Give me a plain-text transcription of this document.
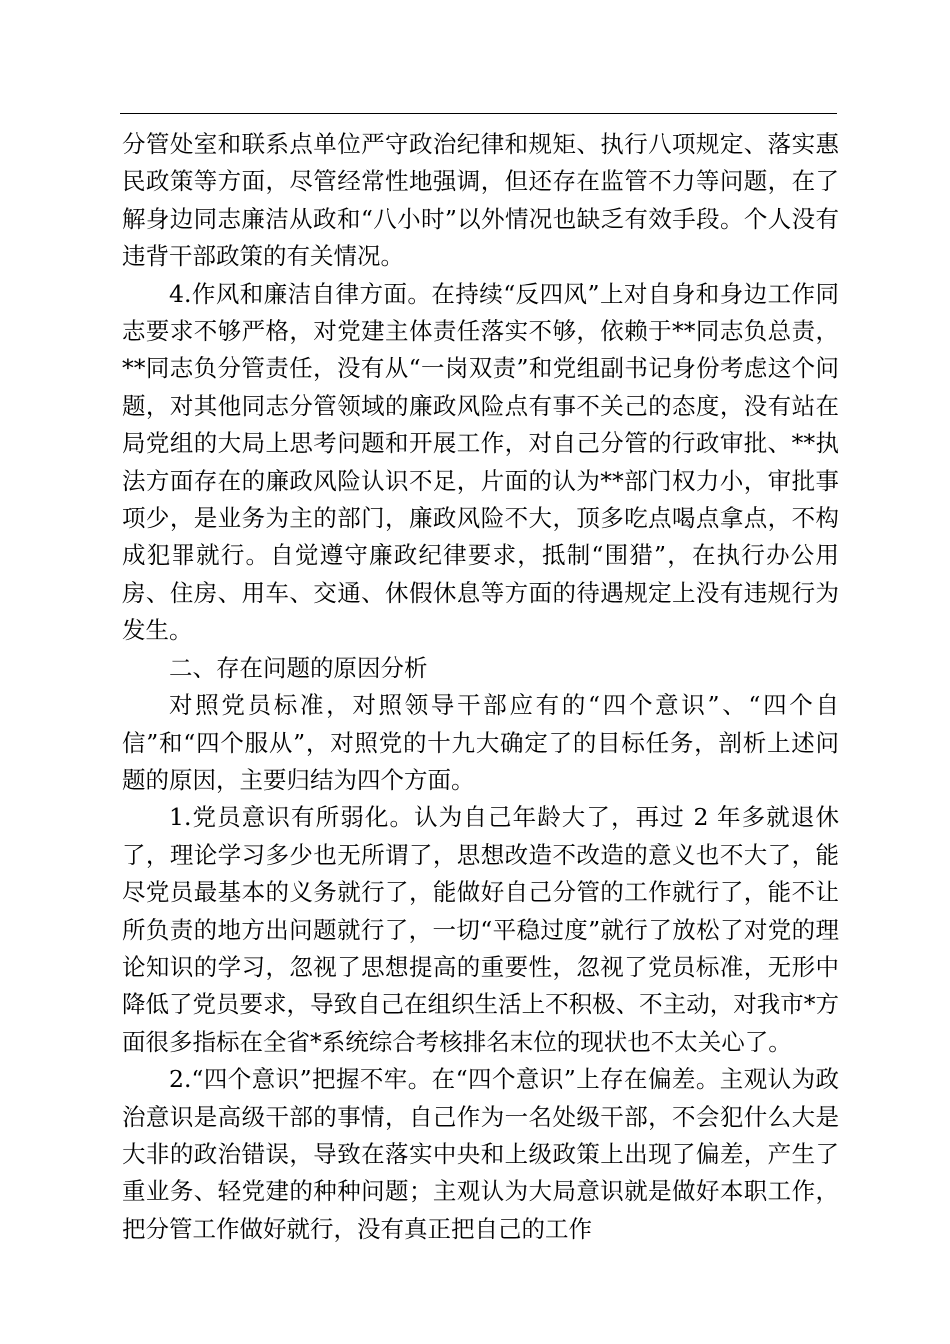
分管处室和联系点单位严守政治纪律和规矩、执行八项规定、落实惠民政策等方面，尽管经常性地强调，但还存在监管不力等问题，在了解身边同志廉洁从政和“八小时”以外情况也缺乏有效手段。个人没有违背干部政策的有关情况。

4.作风和廉洁自律方面。在持续“反四风”上对自身和身边工作同志要求不够严格，对党建主体责任落实不够，依赖于**同志负总责，**同志负分管责任，没有从“一岗双责”和党组副书记身份考虑这个问题，对其他同志分管领域的廉政风险点有事不关己的态度，没有站在局党组的大局上思考问题和开展工作，对自己分管的行政审批、**执法方面存在的廉政风险认识不足，片面的认为**部门权力小，审批事项少，是业务为主的部门，廉政风险不大，顶多吃点喝点拿点，不构成犯罪就行。自觉遵守廉政纪律要求，抵制“围猎”，在执行办公用房、住房、用车、交通、休假休息等方面的待遇规定上没有违规行为发生。

二、存在问题的原因分析

对照党员标准，对照领导干部应有的“四个意识”、“四个自信”和“四个服从”，对照党的十九大确定了的目标任务，剖析上述问题的原因，主要归结为四个方面。

1.党员意识有所弱化。认为自己年龄大了，再过 2 年多就退休了，理论学习多少也无所谓了，思想改造不改造的意义也不大了，能尽党员最基本的义务就行了，能做好自己分管的工作就行了，能不让所负责的地方出问题就行了，一切“平稳过度”就行了放松了对党的理论知识的学习，忽视了思想提高的重要性，忽视了党员标准，无形中降低了党员要求，导致自己在组织生活上不积极、不主动，对我市*方面很多指标在全省*系统综合考核排名末位的现状也不太关心了。

2.“四个意识”把握不牢。在“四个意识”上存在偏差。主观认为政治意识是高级干部的事情，自己作为一名处级干部，不会犯什么大是大非的政治错误，导致在落实中央和上级政策上出现了偏差，产生了重业务、轻党建的种种问题；主观认为大局意识就是做好本职工作，把分管工作做好就行，没有真正把自己的工作
